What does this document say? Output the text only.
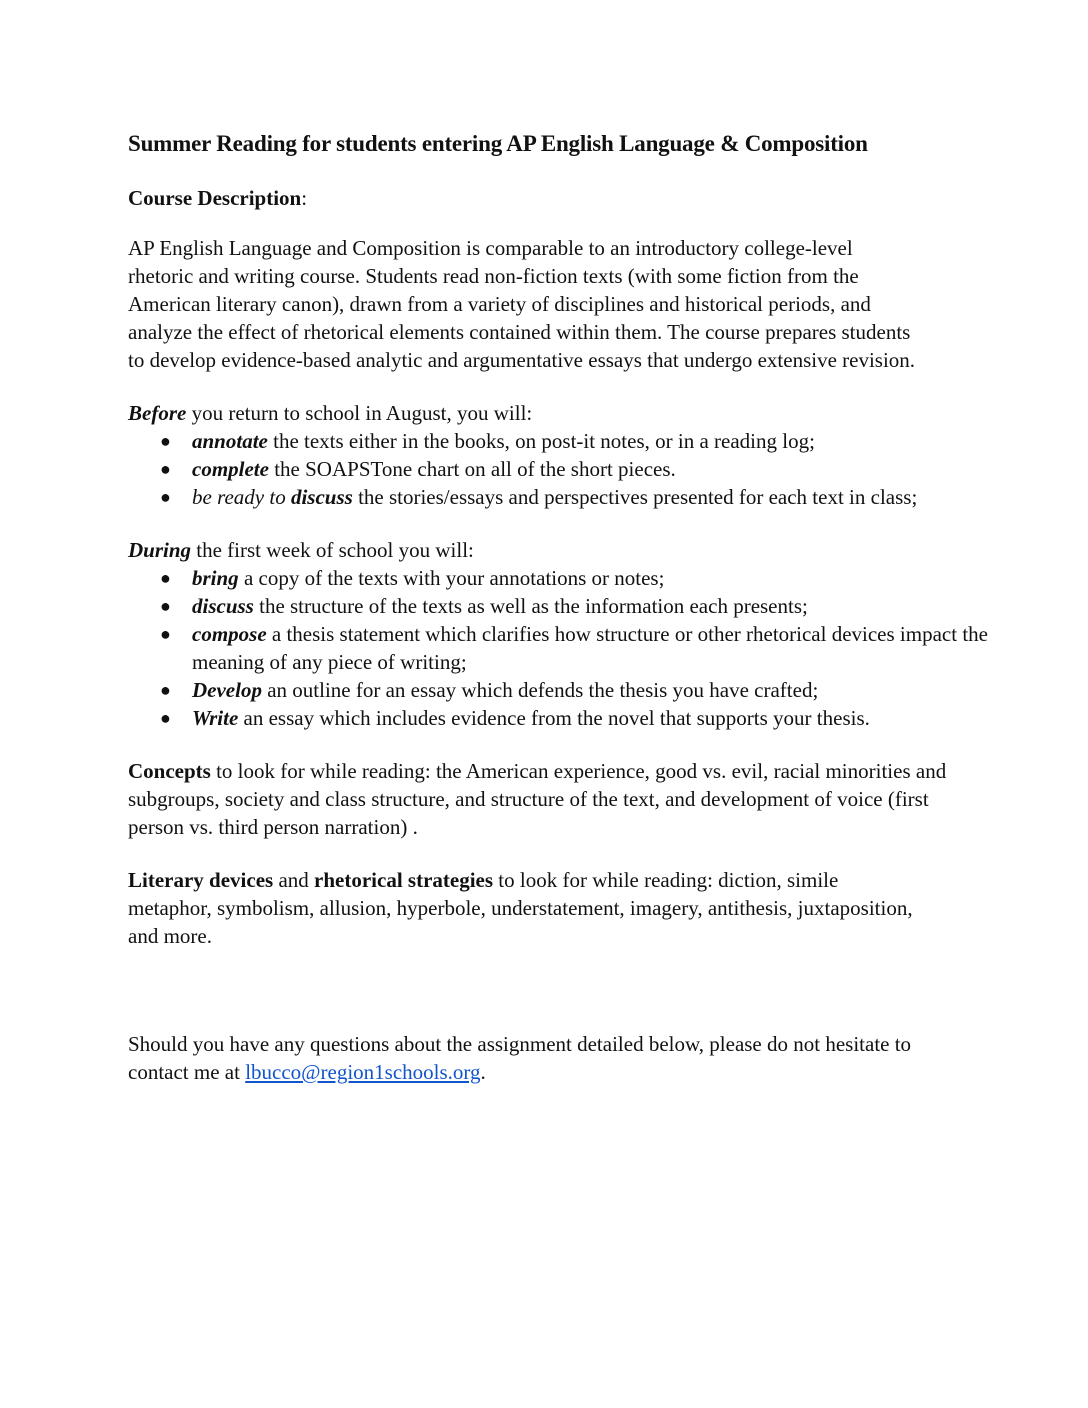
Summer Reading for students entering AP English Language & Composition

Course Description:

AP English Language and Composition is comparable to an introductory college-level rhetoric and writing course. Students read non-fiction texts (with some fiction from the American literary canon), drawn from a variety of disciplines and historical periods, and analyze the effect of rhetorical elements contained within them. The course prepares students to develop evidence-based analytic and argumentative essays that undergo extensive revision.

Before you return to school in August, you will:

● annotate the texts either in the books, on post-it notes, or in a reading log;
● complete the SOAPSTone chart on all of the short pieces.
● be ready to discuss the stories/essays and perspectives presented for each text in class;

During the first week of school you will:

● bring a copy of the texts with your annotations or notes;
● discuss the structure of the texts as well as the information each presents;
● compose a thesis statement which clarifies how structure or other rhetorical devices impact the meaning of any piece of writing;
● Develop an outline for an essay which defends the thesis you have crafted;
● Write an essay which includes evidence from the novel that supports your thesis.

Concepts to look for while reading: the American experience, good vs. evil, racial minorities and subgroups, society and class structure, and structure of the text, and development of voice (first person vs. third person narration) .

Literary devices and rhetorical strategies to look for while reading: diction, simile metaphor, symbolism, allusion, hyperbole, understatement, imagery, antithesis, juxtaposition, and more.

Should you have any questions about the assignment detailed below, please do not hesitate to contact me at lbucco@region1schools.org.
